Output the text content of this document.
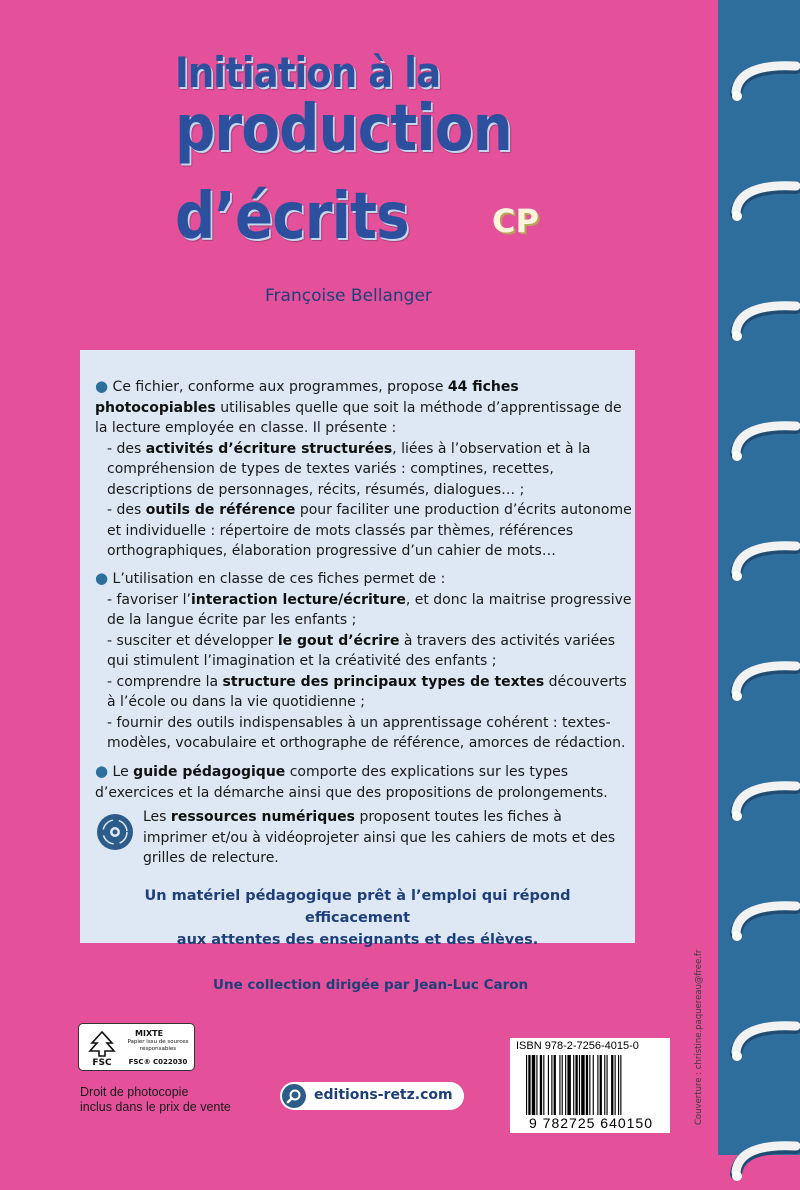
Couverture : christine.paquereau@free.fr
Initiation à la
production
d’écrits	CP
Françoise Bellanger
● Ce fichier, conforme aux programmes, propose 44 fiches photocopiables utilisables quelle que soit la méthode d’apprentissage de la lecture employée en classe. Il présente :
- des activités d’écriture structurées, liées à l’observation et à la compréhension de types de textes variés : comptines, recettes, descriptions de personnages, récits, résumés, dialogues… ;
- des outils de référence pour faciliter une production d’écrits autonome et individuelle : répertoire de mots classés par thèmes, références orthographiques, élaboration progressive d’un cahier de mots…
● L’utilisation en classe de ces fiches permet de :
- favoriser l’interaction lecture/écriture, et donc la maitrise progressive de la langue écrite par les enfants ;
- susciter et développer le gout d’écrire à travers des activités variées qui stimulent l’imagination et la créativité des enfants ;
- comprendre la structure des principaux types de textes découverts à l’école ou dans la vie quotidienne ;
- fournir des outils indispensables à un apprentissage cohérent : textes-modèles, vocabulaire et orthographe de référence, amorces de rédaction.
● Le guide pédagogique comporte des explications sur les types d’exercices et la démarche ainsi que des propositions de prolongements.
Les ressources numériques proposent toutes les fiches à imprimer et/ou à vidéoprojeter ainsi que les cahiers de mots et des grilles de relecture.
Un matériel pédagogique prêt à l’emploi qui répond efficacement
aux attentes des enseignants et des élèves.
Une collection dirigée par Jean-Luc Caron
FSC
MIXTE
Papier issu de sources responsables
FSC® C022030
Droit de photocopie
inclus dans le prix de vente
editions-retz.com
ISBN 978-2-7256-4015-0
9 782725 640150
